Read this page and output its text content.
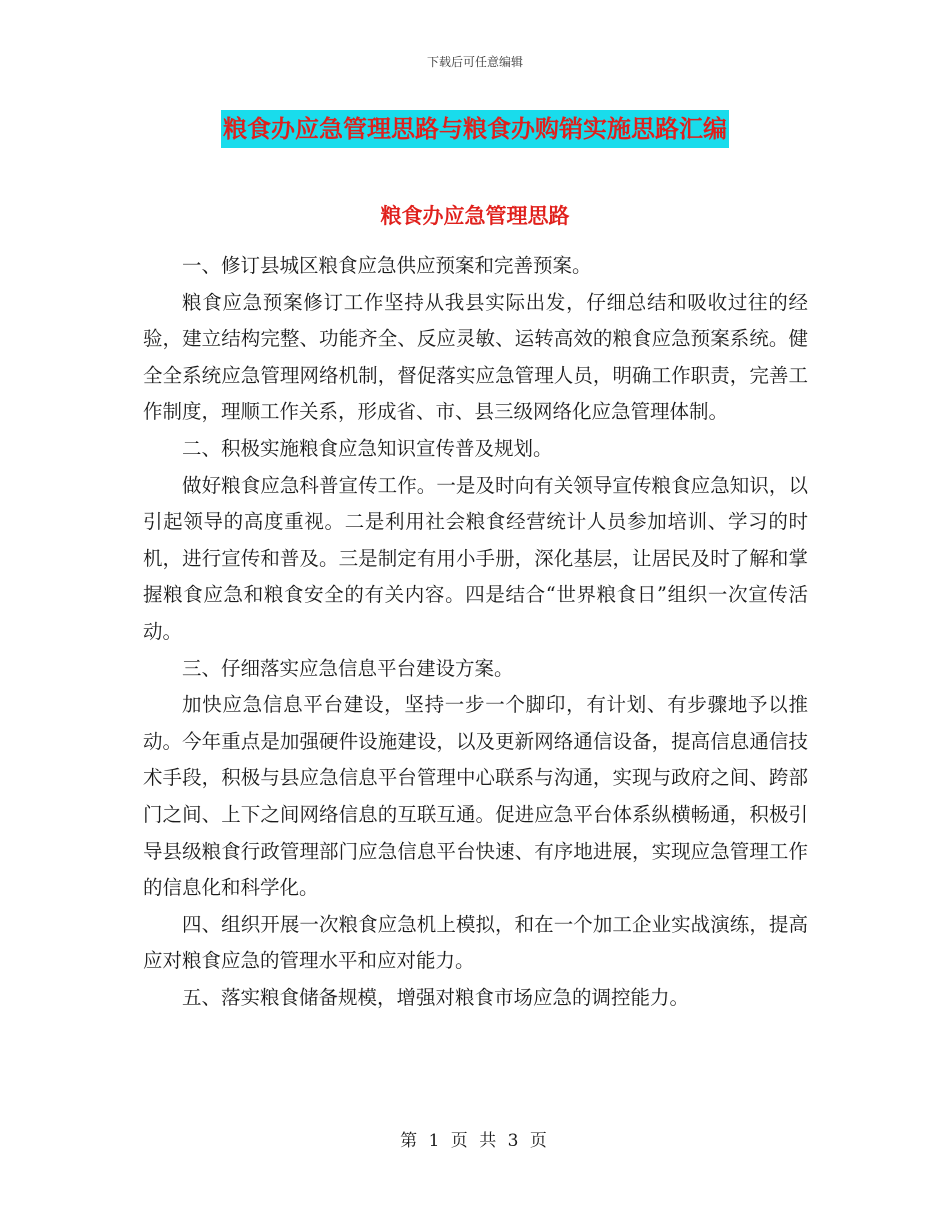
下载后可任意编辑
粮食办应急管理思路与粮食办购销实施思路汇编
粮食办应急管理思路

一、修订县城区粮食应急供应预案和完善预案。

粮食应急预案修订工作坚持从我县实际出发，仔细总结和吸收过往的经验，建立结构完整、功能齐全、反应灵敏、运转高效的粮食应急预案系统。健全全系统应急管理网络机制，督促落实应急管理人员，明确工作职责，完善工作制度，理顺工作关系，形成省、市、县三级网络化应急管理体制。

二、积极实施粮食应急知识宣传普及规划。

做好粮食应急科普宣传工作。一是及时向有关领导宣传粮食应急知识，以引起领导的高度重视。二是利用社会粮食经营统计人员参加培训、学习的时机，进行宣传和普及。三是制定有用小手册，深化基层，让居民及时了解和掌握粮食应急和粮食安全的有关内容。四是结合“世界粮食日”组织一次宣传活动。

三、仔细落实应急信息平台建设方案。

加快应急信息平台建设，坚持一步一个脚印，有计划、有步骤地予以推动。今年重点是加强硬件设施建设，以及更新网络通信设备，提高信息通信技术手段，积极与县应急信息平台管理中心联系与沟通，实现与政府之间、跨部门之间、上下之间网络信息的互联互通。促进应急平台体系纵横畅通，积极引导县级粮食行政管理部门应急信息平台快速、有序地进展，实现应急管理工作的信息化和科学化。

四、组织开展一次粮食应急机上模拟，和在一个加工企业实战演练，提高应对粮食应急的管理水平和应对能力。

五、落实粮食储备规模，增强对粮食市场应急的调控能力。

第 1 页 共 3 页
